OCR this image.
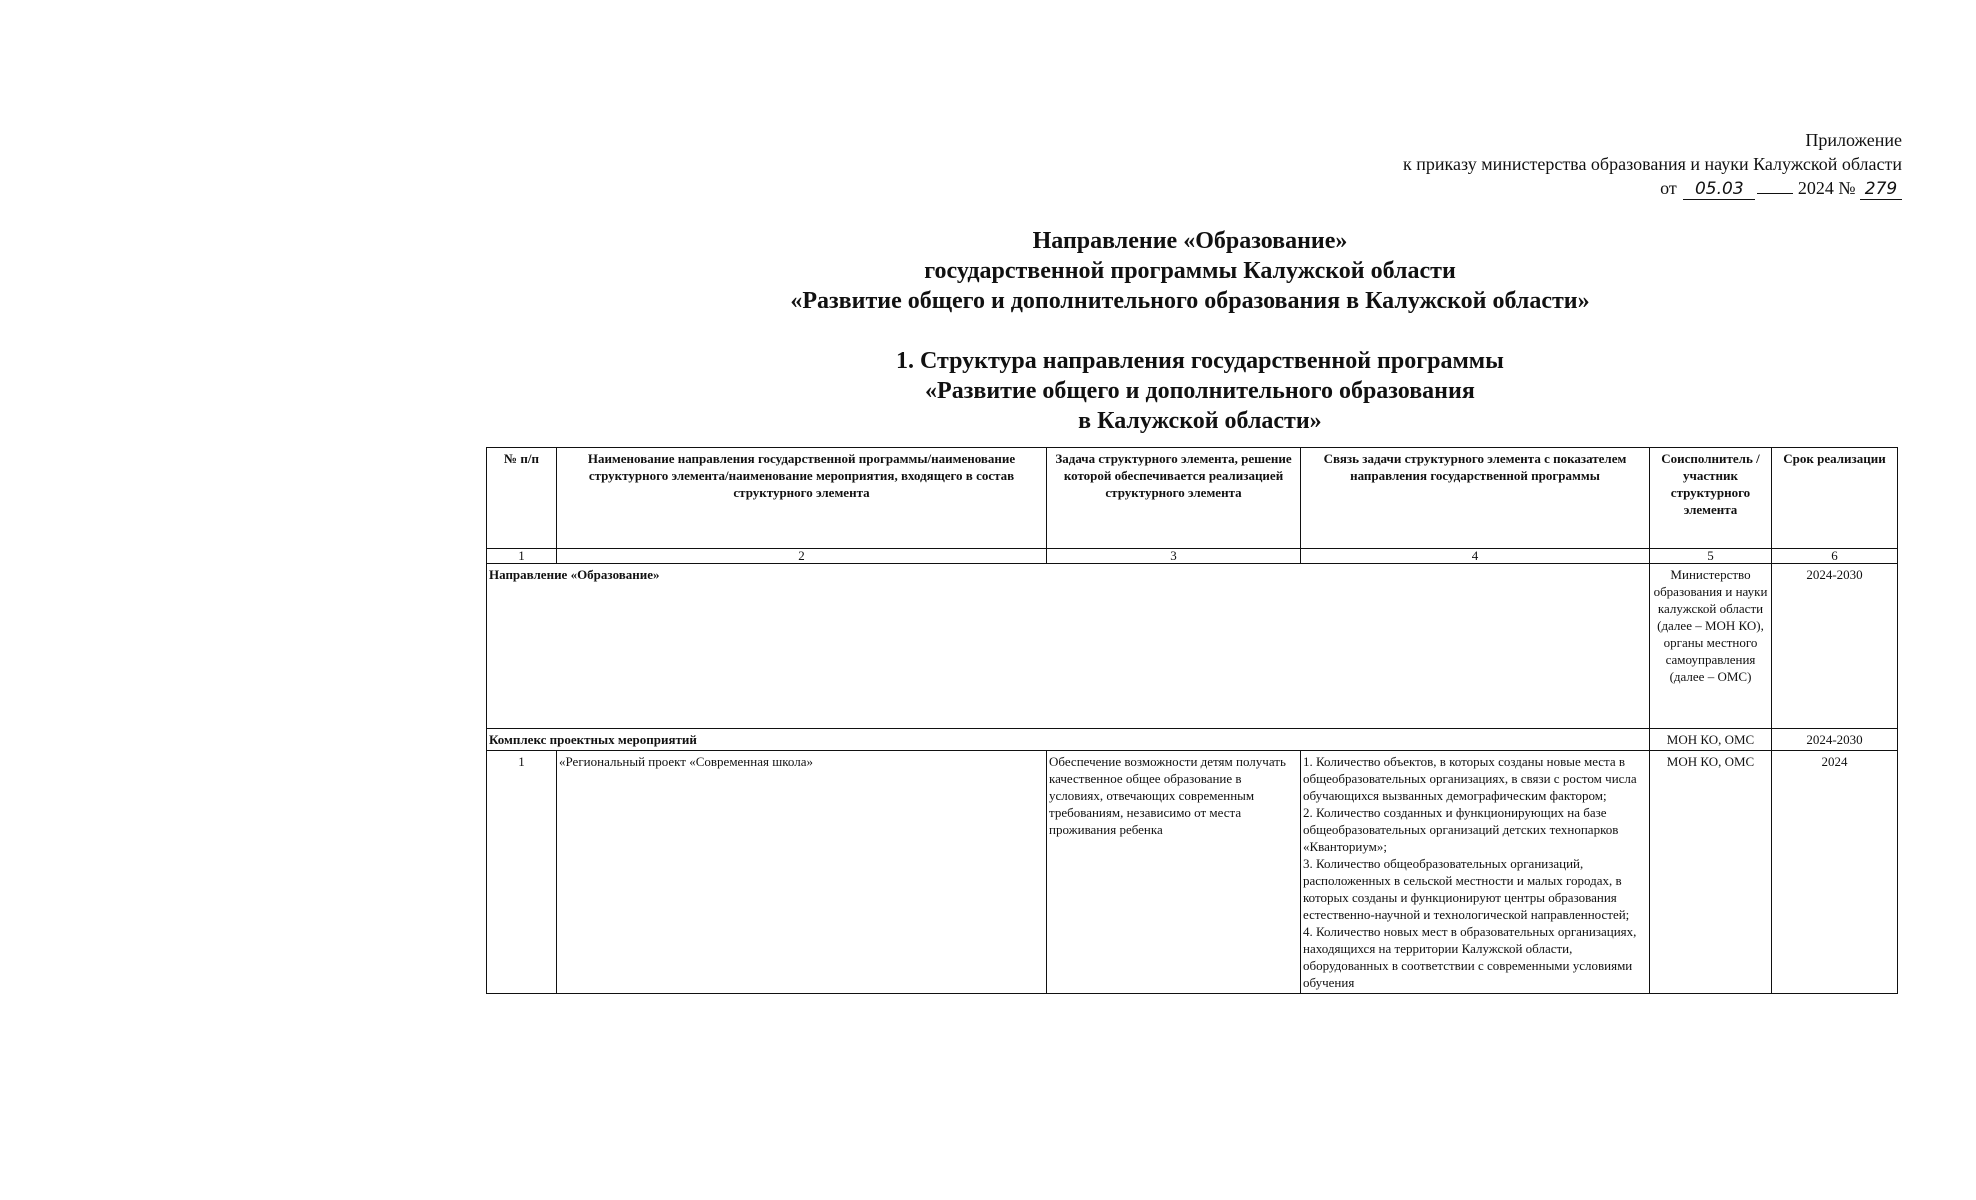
Приложение
к приказу министерства образования и науки Калужской области
от 05.03	2024 № 279
Направление «Образование»
государственной программы Калужской области
«Развитие общего и дополнительного образования в Калужской области»
1. Структура направления государственной программы
«Развитие общего и дополнительного образования
в Калужской области»
№ п/п	Наименование направления государственной программы/наименование структурного элемента/наименование мероприятия, входящего в состав структурного элемента	Задача структурного элемента, решение которой обеспечивается реализацией структурного элемента	Связь задачи структурного элемента с показателем направления государственной программы	Соисполнитель /участник структурного элемента	Срок реализации
1	2	3	4	5	6
Направление «Образование»				Министерство образования и науки калужской области (далее – МОН КО), органы местного самоуправления (далее – ОМС)	2024-2030
Комплекс проектных мероприятий				МОН КО, ОМС	2024-2030
1	«Региональный проект «Современная школа»	Обеспечение возможности детям получать качественное общее образование в условиях, отвечающих современным требованиям, независимо от места проживания ребенка	1. Количество объектов, в которых созданы новые места в общеобразовательных организациях, в связи с ростом числа обучающихся вызванных демографическим фактором;
2. Количество созданных и функционирующих на базе общеобразовательных организаций детских технопарков «Кванториум»;
3. Количество общеобразовательных организаций, расположенных в сельской местности и малых городах, в которых созданы и функционируют центры образования естественно-научной и технологической направленностей;
4. Количество новых мест в образовательных организациях, находящихся на территории Калужской области, оборудованных в соответствии с современными условиями обучения	МОН КО, ОМС	2024
